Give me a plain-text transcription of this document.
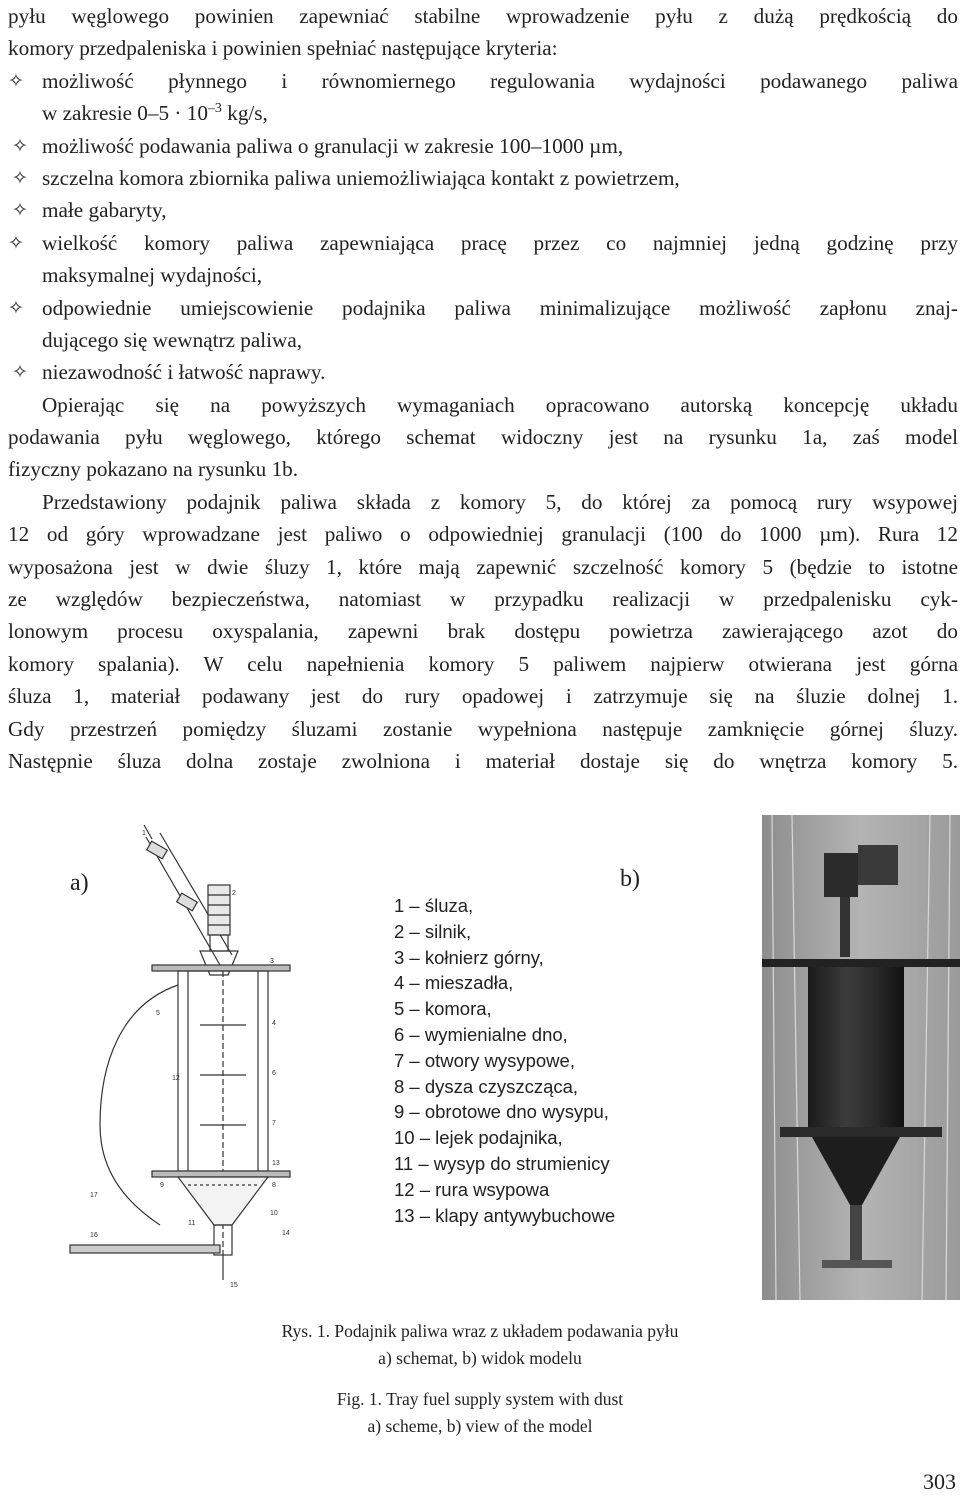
pyłu węglowego powinien zapewniać stabilne wprowadzenie pyłu z dużą prędkością do
komory przedpaleniska i powinien spełniać następujące kryteria:
✧ możliwość płynnego i równomiernego regulowania wydajności podawanego paliwa
w zakresie $0-5 \cdot 10^{-3}$ kg/s,
✧ możliwość podawania paliwa o granulacji w zakresie 100–1000 µm,
✧ szczelna komora zbiornika paliwa uniemożliwiająca kontakt z powietrzem,
✧ małe gabaryty,
✧ wielkość komory paliwa zapewniająca pracę przez co najmniej jedną godzinę przy
maksymalnej wydajności,
✧ odpowiednie umiejscowienie podajnika paliwa minimalizujące możliwość zapłonu znaj-
dującego się wewnątrz paliwa,
✧ niezawodność i łatwość naprawy.
Opierając się na powyższych wymaganiach opracowano autorską koncepcję układu
podawania pyłu węglowego, którego schemat widoczny jest na rysunku 1a, zaś model
fizyczny pokazano na rysunku 1b.
Przedstawiony podajnik paliwa składa z komory 5, do której za pomocą rury wsypowej
12 od góry wprowadzane jest paliwo o odpowiedniej granulacji (100 do 1000 µm). Rura 12
wyposażona jest w dwie śluzy 1, które mają zapewnić szczelność komory 5 (będzie to istotne
ze względów bezpieczeństwa, natomiast w przypadku realizacji w przedpalenisku cyk-
lonowym procesu oxyspalania, zapewni brak dostępu powietrza zawierającego azot do
komory spalania). W celu napełnienia komory 5 paliwem najpierw otwierana jest górna
śluza 1, materiał podawany jest do rury opadowej i zatrzymuje się na śluzie dolnej 1.
Gdy przestrzeń pomiędzy śluzami zostanie wypełniona następuje zamknięcie górnej śluzy.
Następnie śluza dolna zostaje zwolniona i materiał dostaje się do wnętrza komory 5.
1
2
3
4
5
6
7
8
9
10
11
12
13
14
15
16
17
a)	b)
1 – śluza,
2 – silnik,
3 – kołnierz górny,
4 – mieszadła,
5 – komora,
6 – wymienialne dno,
7 – otwory wysypowe,
8 – dysza czyszcząca,
9 – obrotowe dno wysypu,
10 – lejek podajnika,
11 – wysyp do strumienicy
12 – rura wsypowa
13 – klapy antywybuchowe
Rys. 1. Podajnik paliwa wraz z układem podawania pyłu
a) schemat, b) widok modelu
Fig. 1. Tray fuel supply system with dust
a) scheme, b) view of the model
303
